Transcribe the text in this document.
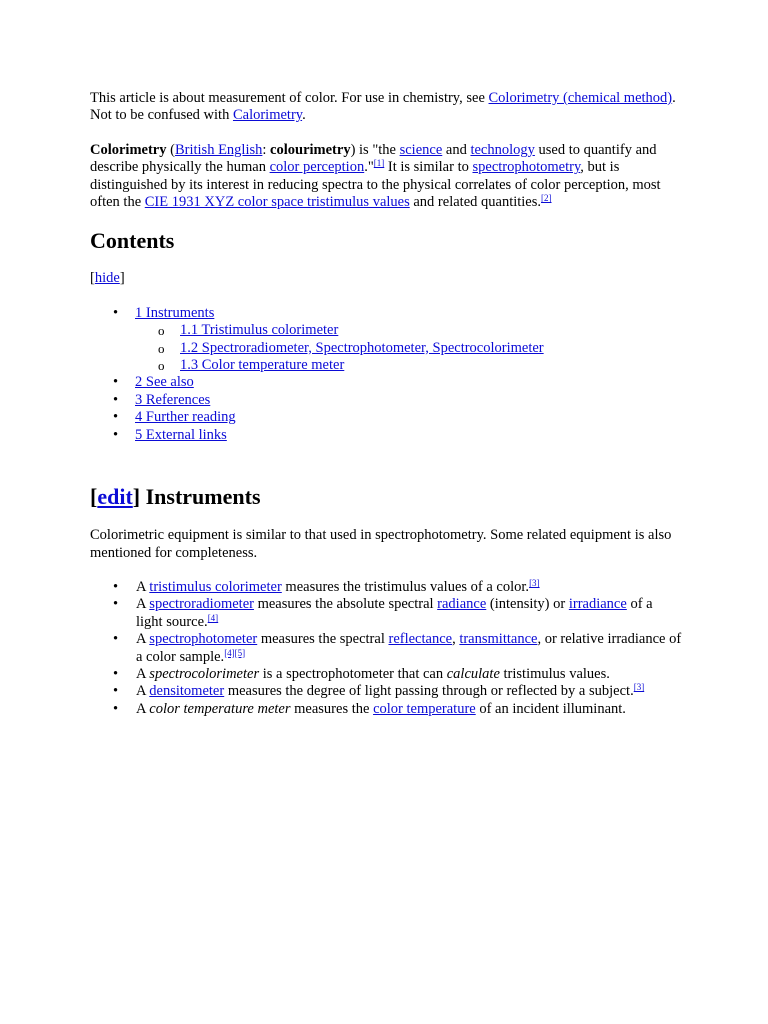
This article is about measurement of color. For use in chemistry, see Colorimetry (chemical method).

Not to be confused with Calorimetry.

Colorimetry (British English: colourimetry) is "the science and technology used to quantify and describe physically the human color perception."[1] It is similar to spectrophotometry, but is distinguished by its interest in reducing spectra to the physical correlates of color perception, most often the CIE 1931 XYZ color space tristimulus values and related quantities.[2]

Contents

[hide]

• 1 Instruments
o 1.1 Tristimulus colorimeter
o 1.2 Spectroradiometer, Spectrophotometer, Spectrocolorimeter
o 1.3 Color temperature meter
• 2 See also
• 3 References
• 4 Further reading
• 5 External links
[edit] Instruments

Colorimetric equipment is similar to that used in spectrophotometry. Some related equipment is also mentioned for completeness.

• A tristimulus colorimeter measures the tristimulus values of a color.[3]
• A spectroradiometer measures the absolute spectral radiance (intensity) or irradiance of a light source.[4]
• A spectrophotometer measures the spectral reflectance, transmittance, or relative irradiance of a color sample.[4][5]
• A spectrocolorimeter is a spectrophotometer that can calculate tristimulus values.
• A densitometer measures the degree of light passing through or reflected by a subject.[3]
• A color temperature meter measures the color temperature of an incident illuminant.
